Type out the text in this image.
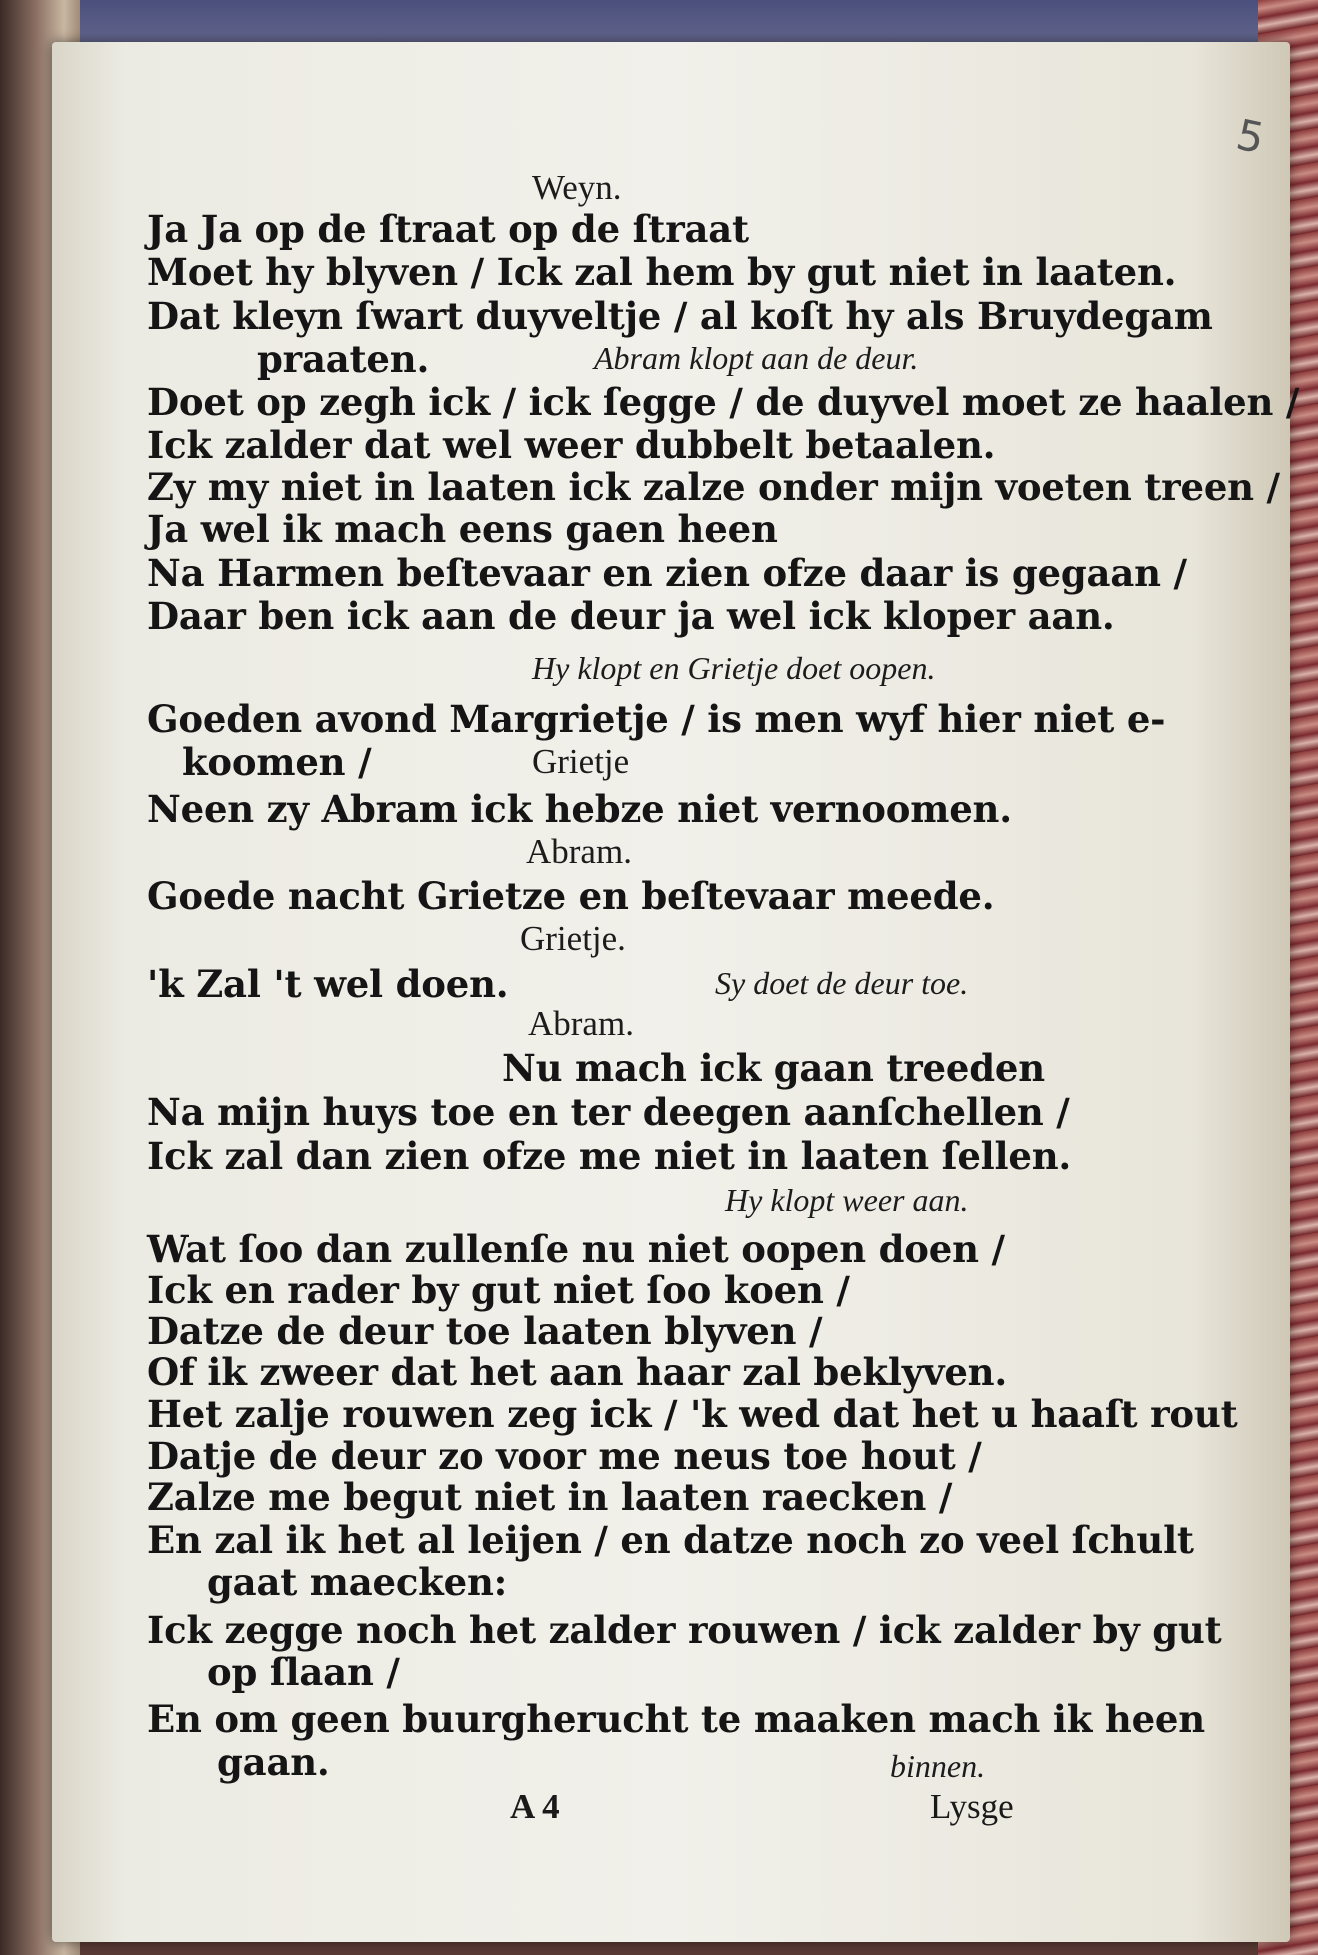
5
Weyn.
Ja Ja op de ſtraat op de ſtraat
Moet hy blyven / Ick zal hem by gut niet in laaten.
Dat kleyn ſwart duyveltje / al koſt hy als Bruydegam
praaten.	Abram klopt aan de deur.
Doet op zegh ick / ick ſegge / de duyvel moet ze haalen /
Ick zalder dat wel weer dubbelt betaalen.
Zy my niet in laaten ick zalze onder mijn voeten treen /
Ja wel ik mach eens gaen heen
Na Harmen beſtevaar en zien ofze daar is gegaan /
Daar ben ick aan de deur ja wel ick kloper aan.
Hy klopt en Grietje doet oopen.
Goeden avond Margrietje / is men wyf hier niet e-
koomen /	Grietje
Neen zy Abram ick hebze niet vernoomen.
Abram.
Goede nacht Grietze en beſtevaar meede.
Grietje.
'k Zal 't wel doen.	Sy doet de deur toe.
Abram.
Nu mach ick gaan treeden
Na mijn huys toe en ter deegen aanſchellen /
Ick zal dan zien ofze me niet in laaten ſellen.
Hy klopt weer aan.
Wat ſoo dan zullenſe nu niet oopen doen /
Ick en rader by gut niet ſoo koen /
Datze de deur toe laaten blyven /
Of ik zweer dat het aan haar zal beklyven.
Het zalje rouwen zeg ick / 'k wed dat het u haaſt rout
Datje de deur zo voor me neus toe hout /
Zalze me begut niet in laaten raecken /
En zal ik het al leijen / en datze noch zo veel ſchult
gaat maecken:
Ick zegge noch het zalder rouwen / ick zalder by gut
op ſlaan /
En om geen buurgherucht te maaken mach ik heen
gaan.	binnen.
A 4	Lysge
